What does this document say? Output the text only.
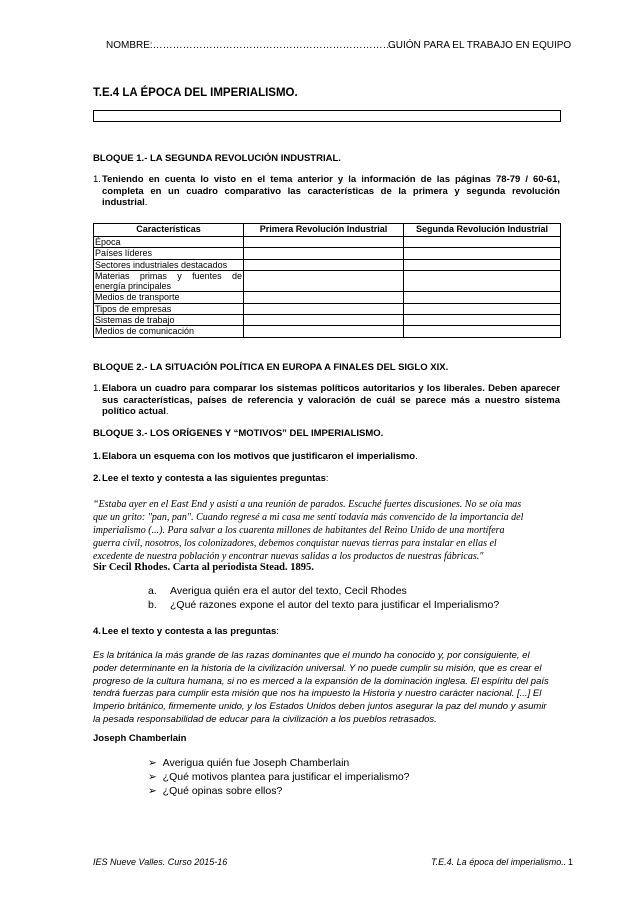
NOMBRE:…………………………………………………………………
GUIÓN PARA EL TRABAJO EN EQUIPO
T.E.4 LA ÉPOCA DEL IMPERIALISMO.
BLOQUE 1.- LA SEGUNDA REVOLUCIÓN INDUSTRIAL.
1. Teniendo en cuenta lo visto en el tema anterior y la información de las páginas 78-79 / 60-61, completa en un cuadro comparativo las características de la primera y segunda revolución industrial.
Características	Primera Revolución Industrial	Segunda Revolución Industrial
Época		
Países líderes		
Sectores industriales destacados		
Materias primas y fuentes de energía principales		
Medios de transporte		
Tipos de empresas		
Sistemas de trabajo		
Medios de comunicación		
BLOQUE 2.- LA SITUACIÓN POLÍTICA EN EUROPA A FINALES DEL SIGLO XIX.
1. Elabora un cuadro para comparar los sistemas políticos autoritarios y los liberales. Deben aparecer sus características, países de referencia y valoración de cuál se parece más a nuestro sistema político actual.
BLOQUE 3.- LOS ORÍGENES Y “MOTIVOS” DEL IMPERIALISMO.
1. Elabora un esquema con los motivos que justificaron el imperialismo.
2. Lee el texto y contesta a las siguientes preguntas:
“Estaba ayer en el East End y asistí a una reunión de parados. Escuché fuertes discusiones. No se oía mas
que un grito: "pan, pan". Cuando regresé a mi casa me sentí todavía más convencido de la importancia del
imperialismo (...). Para salvar a los cuarenta millones de habitantes del Reino Unido de una mortífera
guerra civil, nosotros, los colonizadores, debemos conquistar nuevas tierras para instalar en ellas el
excedente de nuestra población y encontrar nuevas salidas a los productos de nuestras fábricas."
Sir Cecil Rhodes. Carta al periodista Stead. 1895.
a. Averigua quién era el autor del texto, Cecil Rhodes
b. ¿Qué razones expone el autor del texto para justificar el Imperialismo?
4. Lee el texto y contesta a las preguntas:
Es la británica la más grande de las razas dominantes que el mundo ha conocido y, por consiguiente, el
poder determinante en la historia de la civilización universal. Y no puede cumplir su misión, que es crear el
progreso de la cultura humana, si no es merced a la expansión de la dominación inglesa. El espíritu del país
tendrá fuerzas para cumplir esta misión que nos ha impuesto la Historia y nuestro carácter nacional. [...] El
Imperio británico, firmemente unido, y los Estados Unidos deben juntos asegurar la paz del mundo y asumir
la pesada responsabilidad de educar para la civilización a los pueblos retrasados.
Joseph Chamberlain
➢ Averigua quién fue Joseph Chamberlain
➢ ¿Qué motivos plantea para justificar el imperialismo?
➢ ¿Qué opinas sobre ellos?
IES Nueve Valles. Curso 2015-16	T.E.4. La época del imperialismo.. 1
